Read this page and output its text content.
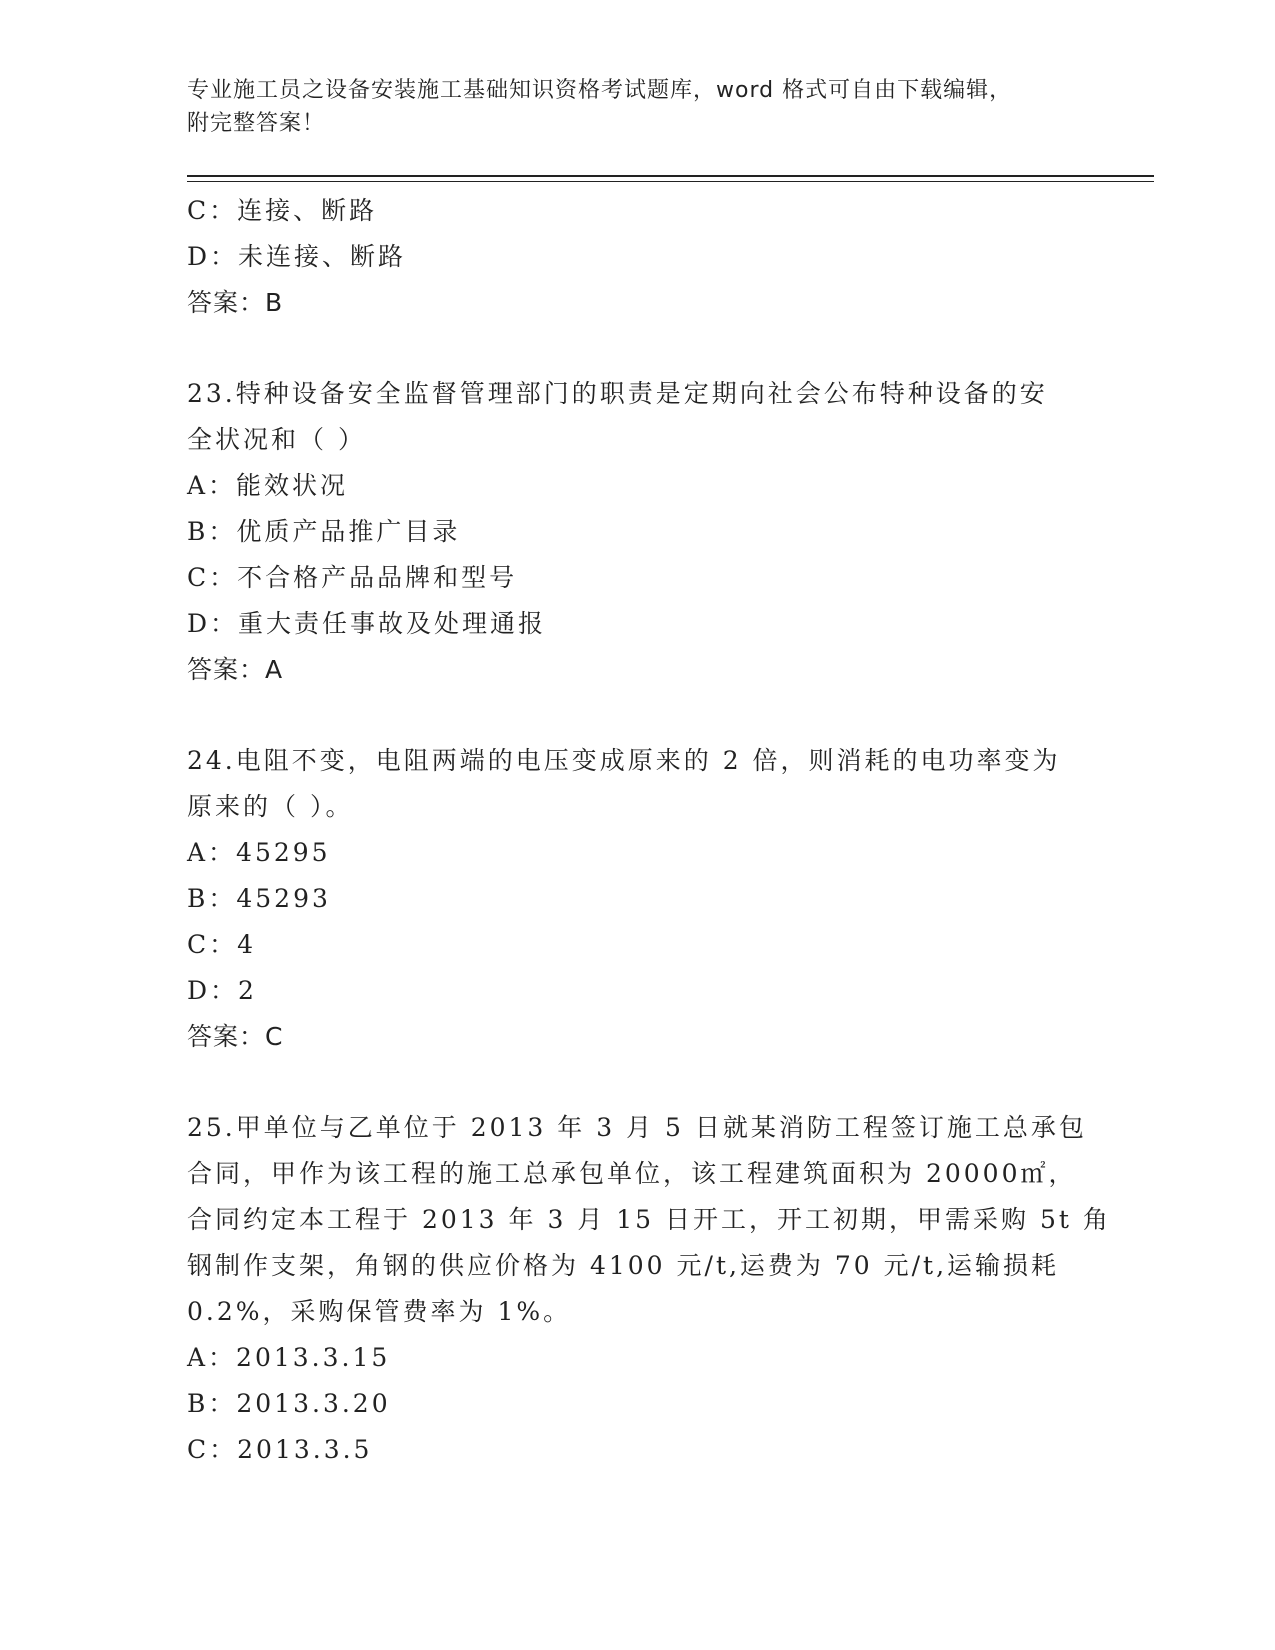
专业施工员之设备安装施工基础知识资格考试题库，word 格式可自由下载编辑，
附完整答案！
C：连接、断路
D：未连接、断路
答案：B
23.特种设备安全监督管理部门的职责是定期向社会公布特种设备的安
全状况和（ ）
A：能效状况
B：优质产品推广目录
C：不合格产品品牌和型号
D：重大责任事故及处理通报
答案：A
24.电阻不变，电阻两端的电压变成原来的 2 倍，则消耗的电功率变为
原来的（ ）。
A：45295
B：45293
C：4
D：2
答案：C
25.甲单位与乙单位于 2013 年 3 月 5 日就某消防工程签订施工总承包
合同，甲作为该工程的施工总承包单位，该工程建筑面积为 20000㎡，
合同约定本工程于 2013 年 3 月 15 日开工，开工初期，甲需采购 5t 角
钢制作支架，角钢的供应价格为 4100 元/t,运费为 70 元/t,运输损耗
0.2%，采购保管费率为 1%。
A：2013.3.15
B：2013.3.20
C：2013.3.5
